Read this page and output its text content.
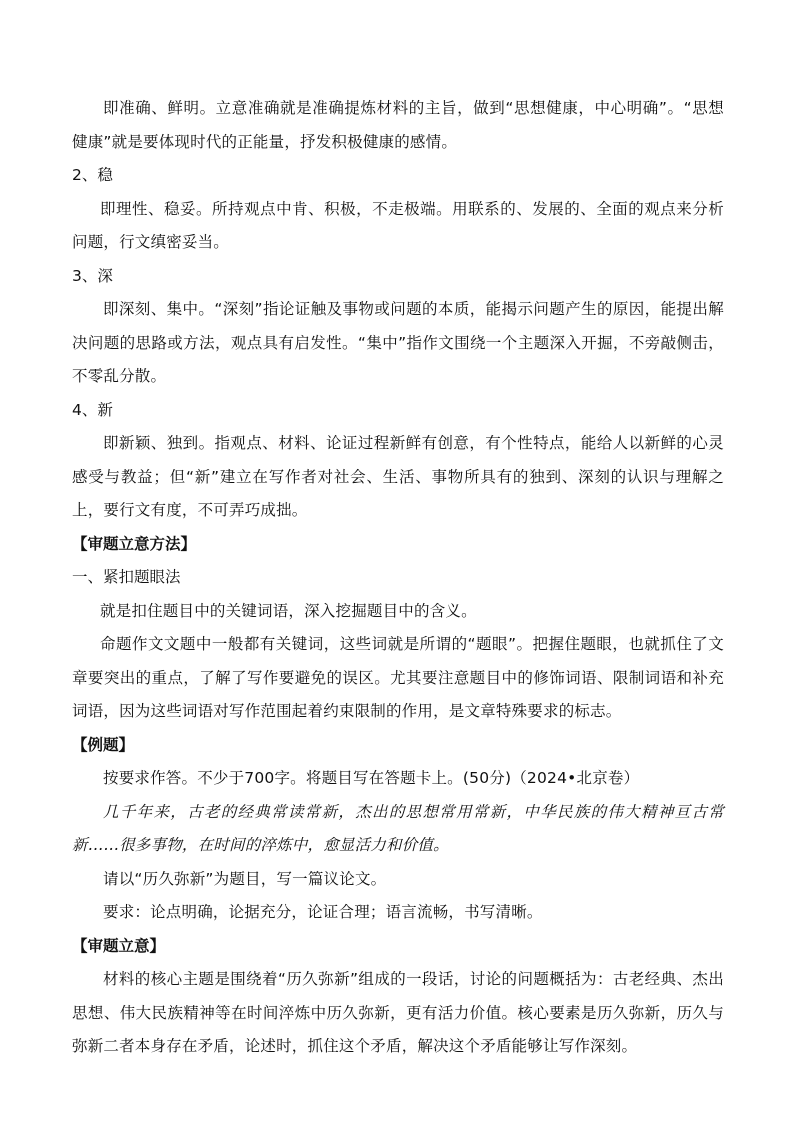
即准确、鲜明。立意准确就是准确提炼材料的主旨，做到“思想健康，中心明确”。“思想健康”就是要体现时代的正能量，抒发积极健康的感情。

2、稳

即理性、稳妥。所持观点中肯、积极，不走极端。用联系的、发展的、全面的观点来分析问题，行文缜密妥当。

3、深

即深刻、集中。“深刻”指论证触及事物或问题的本质，能揭示问题产生的原因，能提出解决问题的思路或方法，观点具有启发性。“集中”指作文围绕一个主题深入开掘，不旁敲侧击，不零乱分散。

4、新

即新颖、独到。指观点、材料、论证过程新鲜有创意，有个性特点，能给人以新鲜的心灵感受与教益；但“新”建立在写作者对社会、生活、事物所具有的独到、深刻的认识与理解之上，要行文有度，不可弄巧成拙。

【审题立意方法】

一、紧扣题眼法

就是扣住题目中的关键词语，深入挖掘题目中的含义。

命题作文文题中一般都有关键词，这些词就是所谓的“题眼”。把握住题眼，也就抓住了文章要突出的重点，了解了写作要避免的误区。尤其要注意题目中的修饰词语、限制词语和补充词语，因为这些词语对写作范围起着约束限制的作用，是文章特殊要求的标志。

【例题】

按要求作答。不少于700字。将题目写在答题卡上。(50分)（2024•北京卷）

几千年来，古老的经典常读常新，杰出的思想常用常新，中华民族的伟大精神亘古常新……很多事物，在时间的淬炼中，愈显活力和价值。

请以“历久弥新”为题目，写一篇议论文。

要求：论点明确，论据充分，论证合理；语言流畅，书写清晰。

【审题立意】

材料的核心主题是围绕着“历久弥新”组成的一段话，讨论的问题概括为：古老经典、杰出思想、伟大民族精神等在时间淬炼中历久弥新，更有活力价值。核心要素是历久弥新，历久与弥新二者本身存在矛盾，论述时，抓住这个矛盾，解决这个矛盾能够让写作深刻。
